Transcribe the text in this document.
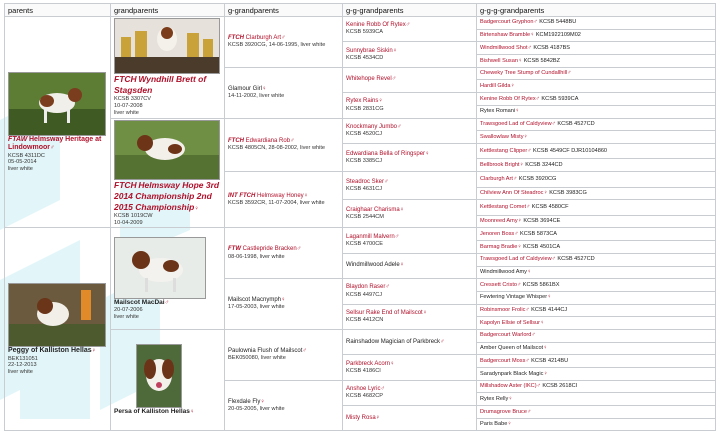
parents	grandparents	g-grandparents	g-g-grandparents	g-g-g-grandparents

FTAW Helmsway Heritage at Lindowmoor♂
KCSB 4311DC
05-05-2014
liver white	FTCH Wyndhill Brett of Stagsden
KCSB 3307CV
10-07-2008
liver white	FTCH Clarburgh Art♂
KCSB 3920CG, 14-06-1995, liver white	Kenine Robb Of Rytex♂
KCSB 5939CA	Badgercourt Gryphon♂ KCSB 5448BU
				Birtenshaw Bramble♀ KCM1922109M02
			Sunnybrae Siskin♀
KCSB 4534CD	Windmillwood Shot♂ KCSB 4187BS
				Bishwell Susan♀ KCSB 5842BZ
		Glamour Girl♀
14-11-2002, liver white	Whitehope Revel♂	Cheweky Tree Stump of Cundallhill♂
				Hardill Gilda♀
			Rytex Rains♀
KCSB 2831CG	Kenine Robb Of Rytex♂ KCSB 5939CA
				Rytex Romani♀

FTCH Helmsway Hope 3rd 2014 Championship 2nd 2015 Championship♀
KCSB 1019CW
10-04-2009	FTCH Edwardiana Rob♂
KCSB 4805CN, 28-08-2002, liver white	Knockmany Jumbo♂
KCSB 4520CJ	Trawsgoed Lad of Caldyview♂ KCSB 4527CD
				Swallowlaw Misty♀
			Edwardiana Bella of Ringsper♀
KCSB 3385CJ	Kettlestang Clipper♂ KCSB 4549CF DJR10104860
				Bellbrook Bright♀ KCSB 3244CD
		INT FTCH Helmsway Honey♀
KCSB 3592CR, 11-07-2004, liver white	Steadroc Sker♂
KCSB 4631CJ	Clarburgh Art♂ KCSB 3920CG
				Chilview Ann Of Steadroc♀ KCSB 3983CG
			Craighaar Charisma♀
KCSB 2544CM	Kettlestang Comet♂ KCSB 4580CF
				Moonreed Amy♀ KCSB 3694CE

Peggy of Kalliston Hellas♀
BEK131051
22-12-2013
liver white	Mailscot MacDai♂
20-07-2006
liver white	FTW Castlepride Bracken♂
08-06-1998, liver white	Laganmill Malvern♂
KCSB 4700CE	Jenoren Boss♂ KCSB 5873CA
				Barmag Bradie♀ KCSB 4501CA
			Windmillwood Adele♀	Trawsgoed Lad of Caldyview♂ KCSB 4527CD
				Windmillwood Amy♀
		Mailscot Macnymph♀
17-05-2003, liver white	Blaydon Raser♂
KCSB 4497CJ	Cressett Cristo♂ KCSB 5861BX
				Fewtering Vintage Whisper♀
			Sellsur Rake End of Mailscot♀
KCSB 4412CN	Robinsmoor Frolic♂ KCSB 4144CJ
				Kapolyn Ellsie of Sellsur♀

Persa of Kalliston Hellas♀	Paulownia Flush of Mailscot♂
BEK050080, liver white	Rainshadow Magician of Parkbreck♂	Badgercourt Warlord♂
				Amber Queen of Mailscot♀
			Parkbreck Acorn♀
KCSB 4186CI	Badgercourt Moss♂ KCSB 4214BU
				Saradynpark Black Magic♀
		Flexdale Fly♀
20-05-2005, liver white	Anshoe Lyric♂
KCSB 4682CP	Millshadow Aster (IKC)♂ KCSB 2618CI
				Rytex Relly♀
			Misty Rosa♀	Drumagrove Bruce♂
				Paris Babe♀
